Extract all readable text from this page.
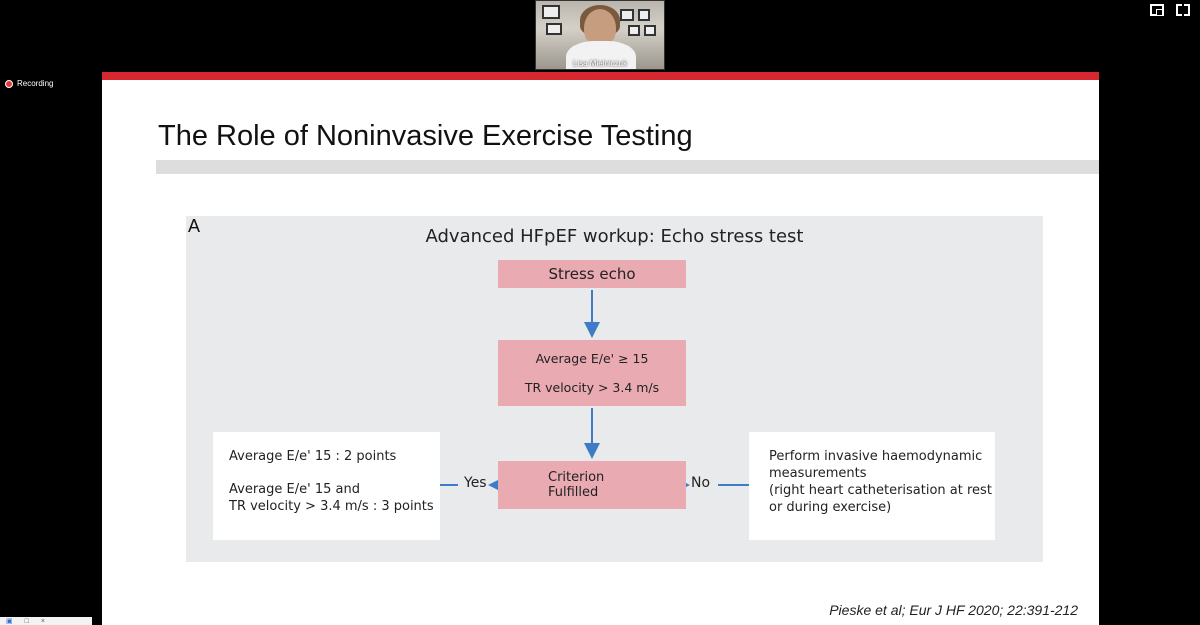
Lisa Mielniczuk
Recording
The Role of Noninvasive Exercise Testing
Advanced HFpEF workup: Echo stress test
Stress echo
Average E/e' ≥ 15
TR velocity > 3.4 m/s
Criterion Fulfilled
Yes	No

Average E/e' 15 : 2 points

Average E/e' 15 and
TR velocity > 3.4 m/s : 3 points

Perform invasive haemodynamic

measurements

(right heart catheterisation at rest

or during exercise)

A
Pieske et al; Eur J HF 2020; 22:391-212
▣ □ ×
